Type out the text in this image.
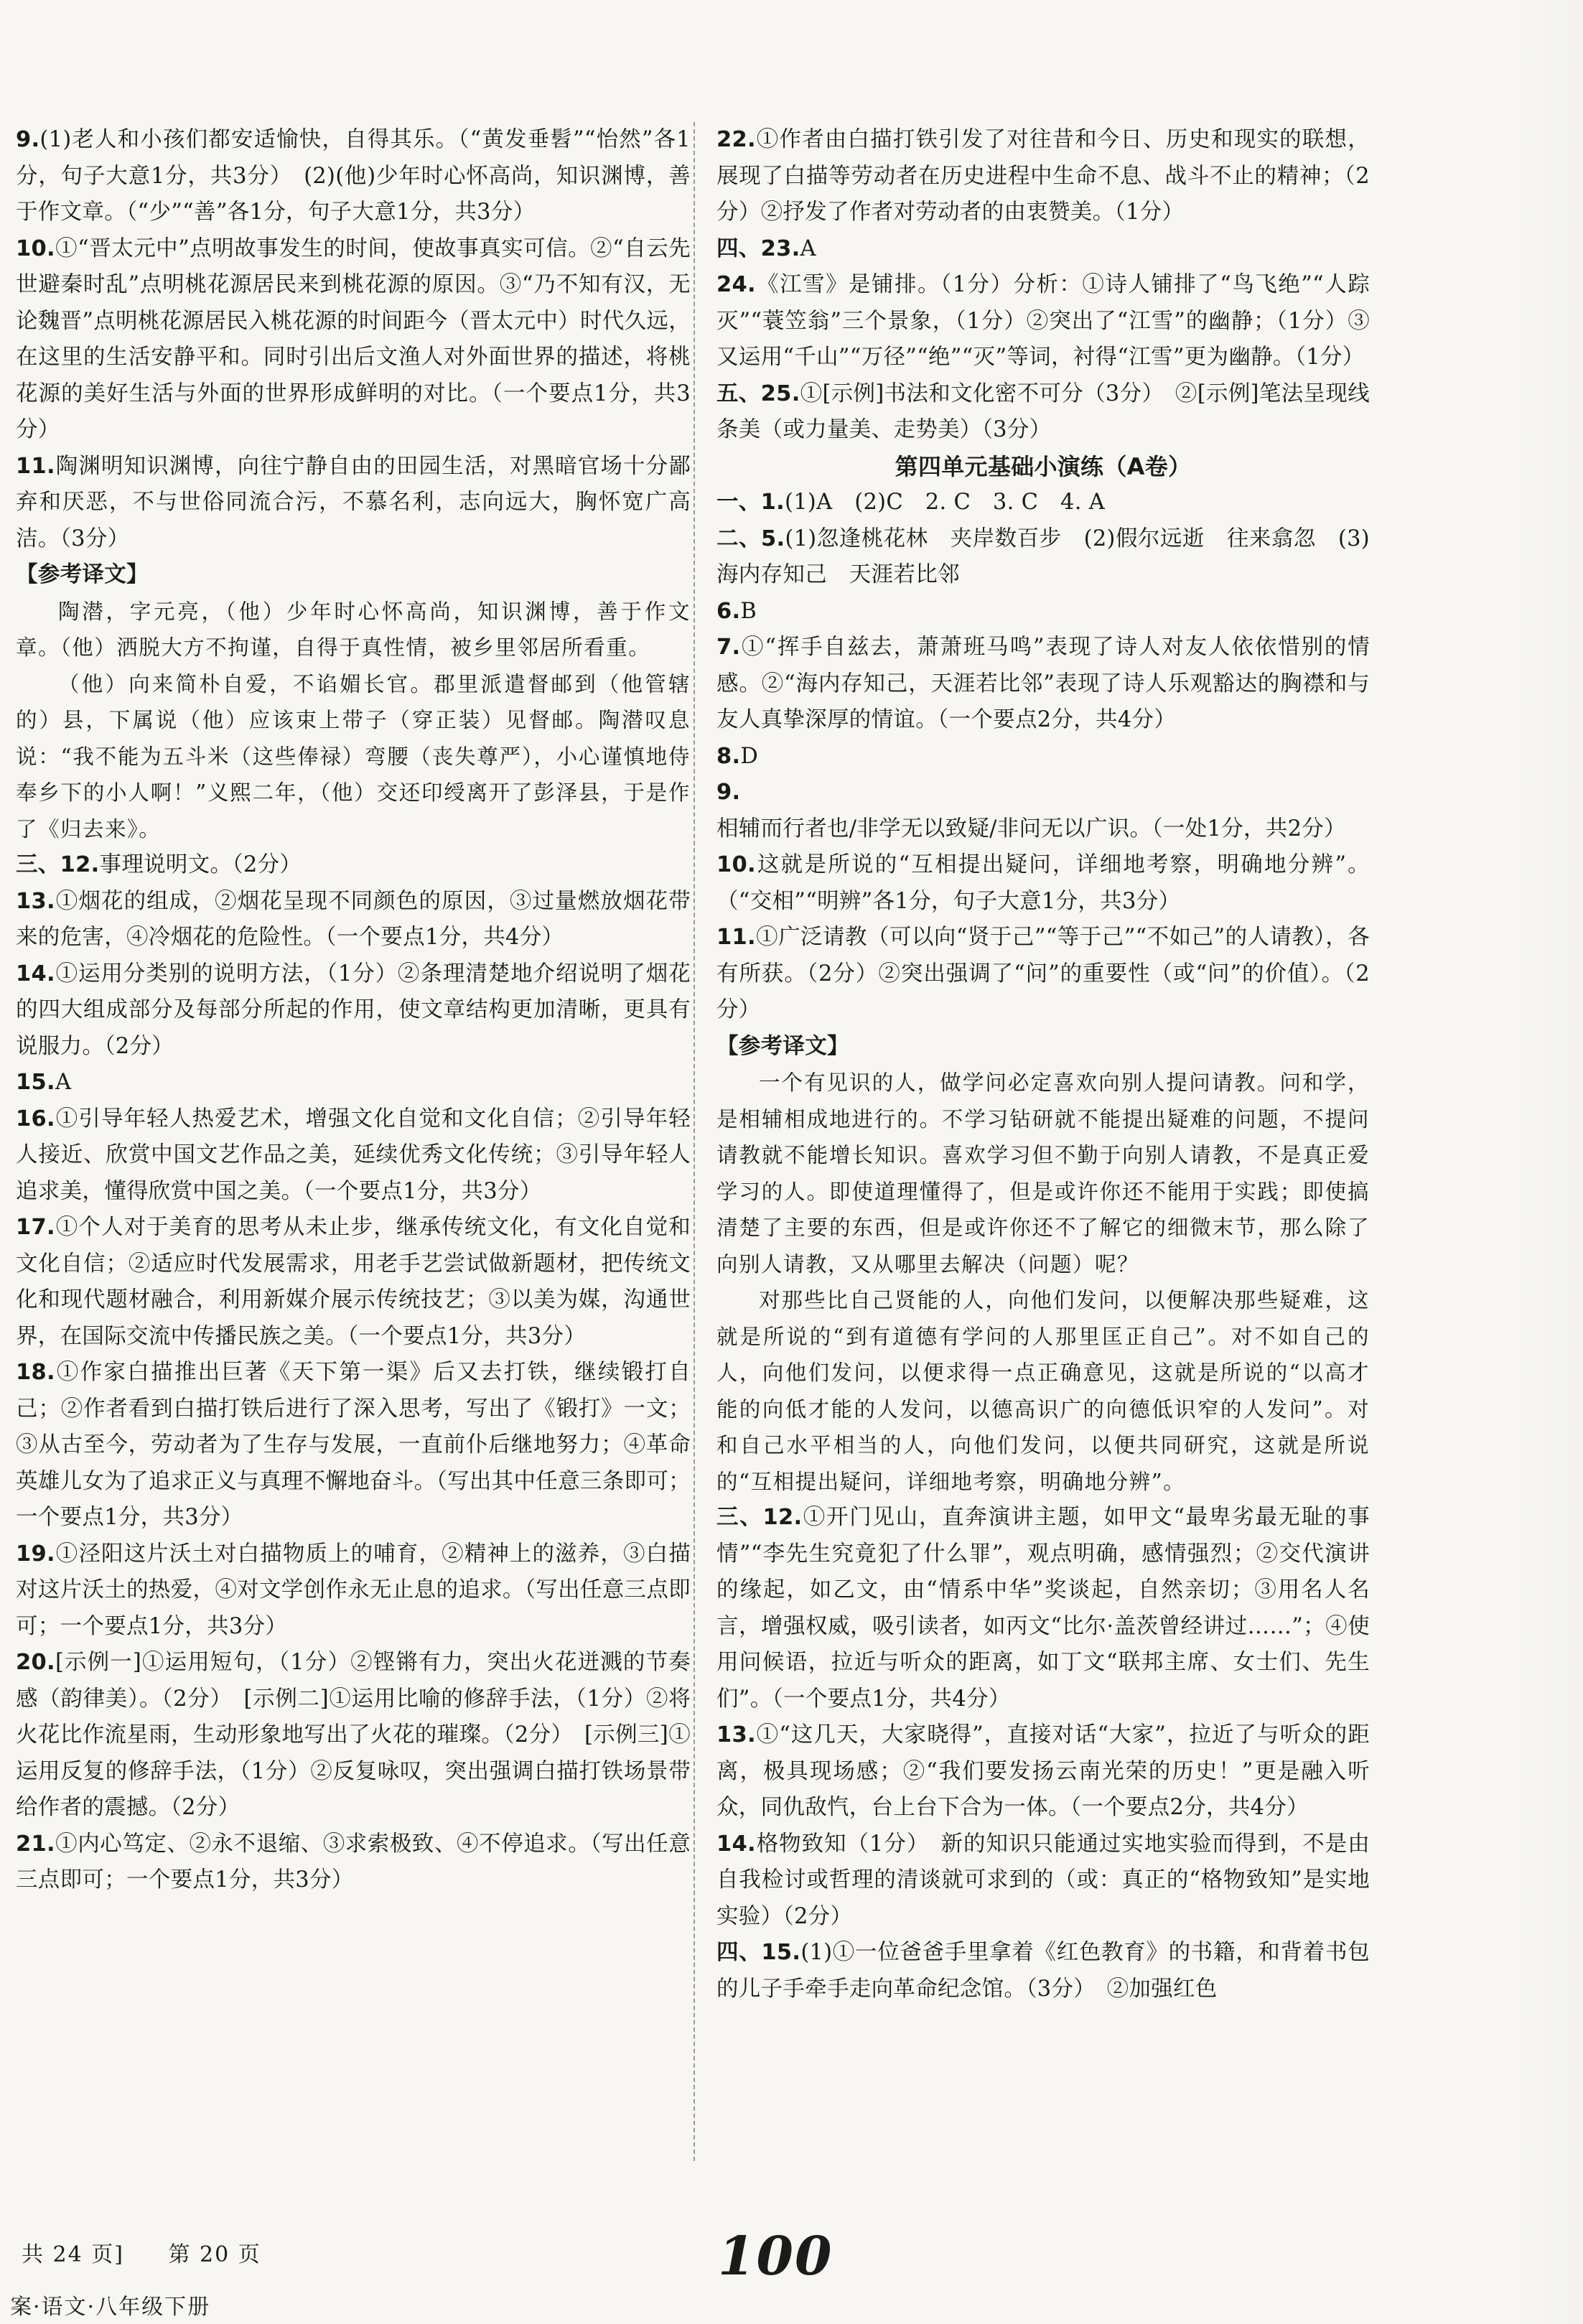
9.(1)老人和小孩们都安适愉快，自得其乐。（“黄发垂髫”“怡然”各1分，句子大意1分，共3分）　(2)(他)少年时心怀高尚，知识渊博，善于作文章。（“少”“善”各1分，句子大意1分，共3分）
10.①“晋太元中”点明故事发生的时间，使故事真实可信。②“自云先世避秦时乱”点明桃花源居民来到桃花源的原因。③“乃不知有汉，无论魏晋”点明桃花源居民入桃花源的时间距今（晋太元中）时代久远，在这里的生活安静平和。同时引出后文渔人对外面世界的描述，将桃花源的美好生活与外面的世界形成鲜明的对比。（一个要点1分，共3分）
11.陶渊明知识渊博，向往宁静自由的田园生活，对黑暗官场十分鄙弃和厌恶，不与世俗同流合污，不慕名利，志向远大，胸怀宽广高洁。（3分）
【参考译文】
陶潜，字元亮，（他）少年时心怀高尚，知识渊博，善于作文章。（他）洒脱大方不拘谨，自得于真性情，被乡里邻居所看重。
（他）向来简朴自爱，不谄媚长官。郡里派遣督邮到（他管辖的）县，下属说（他）应该束上带子（穿正装）见督邮。陶潜叹息说：“我不能为五斗米（这些俸禄）弯腰（丧失尊严），小心谨慎地侍奉乡下的小人啊！”义熙二年，（他）交还印绶离开了彭泽县，于是作了《归去来》。
三、12.事理说明文。（2分）
13.①烟花的组成，②烟花呈现不同颜色的原因，③过量燃放烟花带来的危害，④冷烟花的危险性。（一个要点1分，共4分）
14.①运用分类别的说明方法，（1分）②条理清楚地介绍说明了烟花的四大组成部分及每部分所起的作用，使文章结构更加清晰，更具有说服力。（2分）
15.A
16.①引导年轻人热爱艺术，增强文化自觉和文化自信；②引导年轻人接近、欣赏中国文艺作品之美，延续优秀文化传统；③引导年轻人追求美，懂得欣赏中国之美。（一个要点1分，共3分）
17.①个人对于美育的思考从未止步，继承传统文化，有文化自觉和文化自信；②适应时代发展需求，用老手艺尝试做新题材，把传统文化和现代题材融合，利用新媒介展示传统技艺；③以美为媒，沟通世界，在国际交流中传播民族之美。（一个要点1分，共3分）
18.①作家白描推出巨著《天下第一渠》后又去打铁，继续锻打自己；②作者看到白描打铁后进行了深入思考，写出了《锻打》一文；③从古至今，劳动者为了生存与发展，一直前仆后继地努力；④革命英雄儿女为了追求正义与真理不懈地奋斗。（写出其中任意三条即可；一个要点1分，共3分）
19.①泾阳这片沃土对白描物质上的哺育，②精神上的滋养，③白描对这片沃土的热爱，④对文学创作永无止息的追求。（写出任意三点即可；一个要点1分，共3分）
20.[示例一]①运用短句，（1分）②铿锵有力，突出火花迸溅的节奏感（韵律美）。（2分）　[示例二]①运用比喻的修辞手法，（1分）②将火花比作流星雨，生动形象地写出了火花的璀璨。（2分）　[示例三]①运用反复的修辞手法，（1分）②反复咏叹，突出强调白描打铁场景带给作者的震撼。（2分）
21.①内心笃定、②永不退缩、③求索极致、④不停追求。（写出任意三点即可；一个要点1分，共3分）
22.①作者由白描打铁引发了对往昔和今日、历史和现实的联想，展现了白描等劳动者在历史进程中生命不息、战斗不止的精神；（2分）②抒发了作者对劳动者的由衷赞美。（1分）
四、23.A
24.《江雪》是铺排。（1分）分析：①诗人铺排了“鸟飞绝”“人踪灭”“蓑笠翁”三个景象，（1分）②突出了“江雪”的幽静；（1分）③又运用“千山”“万径”“绝”“灭”等词，衬得“江雪”更为幽静。（1分）
五、25.①[示例]书法和文化密不可分（3分）　②[示例]笔法呈现线条美（或力量美、走势美）（3分）
第四单元基础小演练（A卷）
一、1.(1)A　(2)C　2. C　3. C　4. A
二、5.(1)忽逢桃花林　夹岸数百步　(2)假尔远逝　往来翕忽　(3)海内存知己　天涯若比邻
6.B
7.①“挥手自兹去，萧萧班马鸣”表现了诗人对友人依依惜别的情感。②“海内存知己，天涯若比邻”表现了诗人乐观豁达的胸襟和与友人真挚深厚的情谊。（一个要点2分，共4分）
8.D
9.相辅而行者也/非学无以致疑/非问无以广识。（一处1分，共2分）
10.这就是所说的“互相提出疑问，详细地考察，明确地分辨”。（“交相”“明辨”各1分，句子大意1分，共3分）
11.①广泛请教（可以向“贤于己”“等于己”“不如己”的人请教），各有所获。（2分）②突出强调了“问”的重要性（或“问”的价值）。（2分）
【参考译文】
一个有见识的人，做学问必定喜欢向别人提问请教。问和学，是相辅相成地进行的。不学习钻研就不能提出疑难的问题，不提问请教就不能增长知识。喜欢学习但不勤于向别人请教，不是真正爱学习的人。即使道理懂得了，但是或许你还不能用于实践；即使搞清楚了主要的东西，但是或许你还不了解它的细微末节，那么除了向别人请教，又从哪里去解决（问题）呢？
对那些比自己贤能的人，向他们发问，以便解决那些疑难，这就是所说的“到有道德有学问的人那里匡正自己”。对不如自己的人，向他们发问，以便求得一点正确意见，这就是所说的“以高才能的向低才能的人发问，以德高识广的向德低识窄的人发问”。对和自己水平相当的人，向他们发问，以便共同研究，这就是所说的“互相提出疑问，详细地考察，明确地分辨”。
三、12.①开门见山，直奔演讲主题，如甲文“最卑劣最无耻的事情”“李先生究竟犯了什么罪”，观点明确，感情强烈；②交代演讲的缘起，如乙文，由“情系中华”奖谈起，自然亲切；③用名人名言，增强权威，吸引读者，如丙文“比尔·盖茨曾经讲过……”；④使用问候语，拉近与听众的距离，如丁文“联邦主席、女士们、先生们”。（一个要点1分，共4分）
13.①“这几天，大家晓得”，直接对话“大家”，拉近了与听众的距离，极具现场感；②“我们要发扬云南光荣的历史！”更是融入听众，同仇敌忾，台上台下合为一体。（一个要点2分，共4分）
14.格物致知（1分）　新的知识只能通过实地实验而得到，不是由自我检讨或哲理的清谈就可求到的（或：真正的“格物致知”是实地实验）（2分）
四、15.(1)①一位爸爸手里拿着《红色教育》的书籍，和背着书包的儿子手牵手走向革命纪念馆。（3分）　②加强红色
共 24 页] 第 20 页
案·语文·八年级下册
100
